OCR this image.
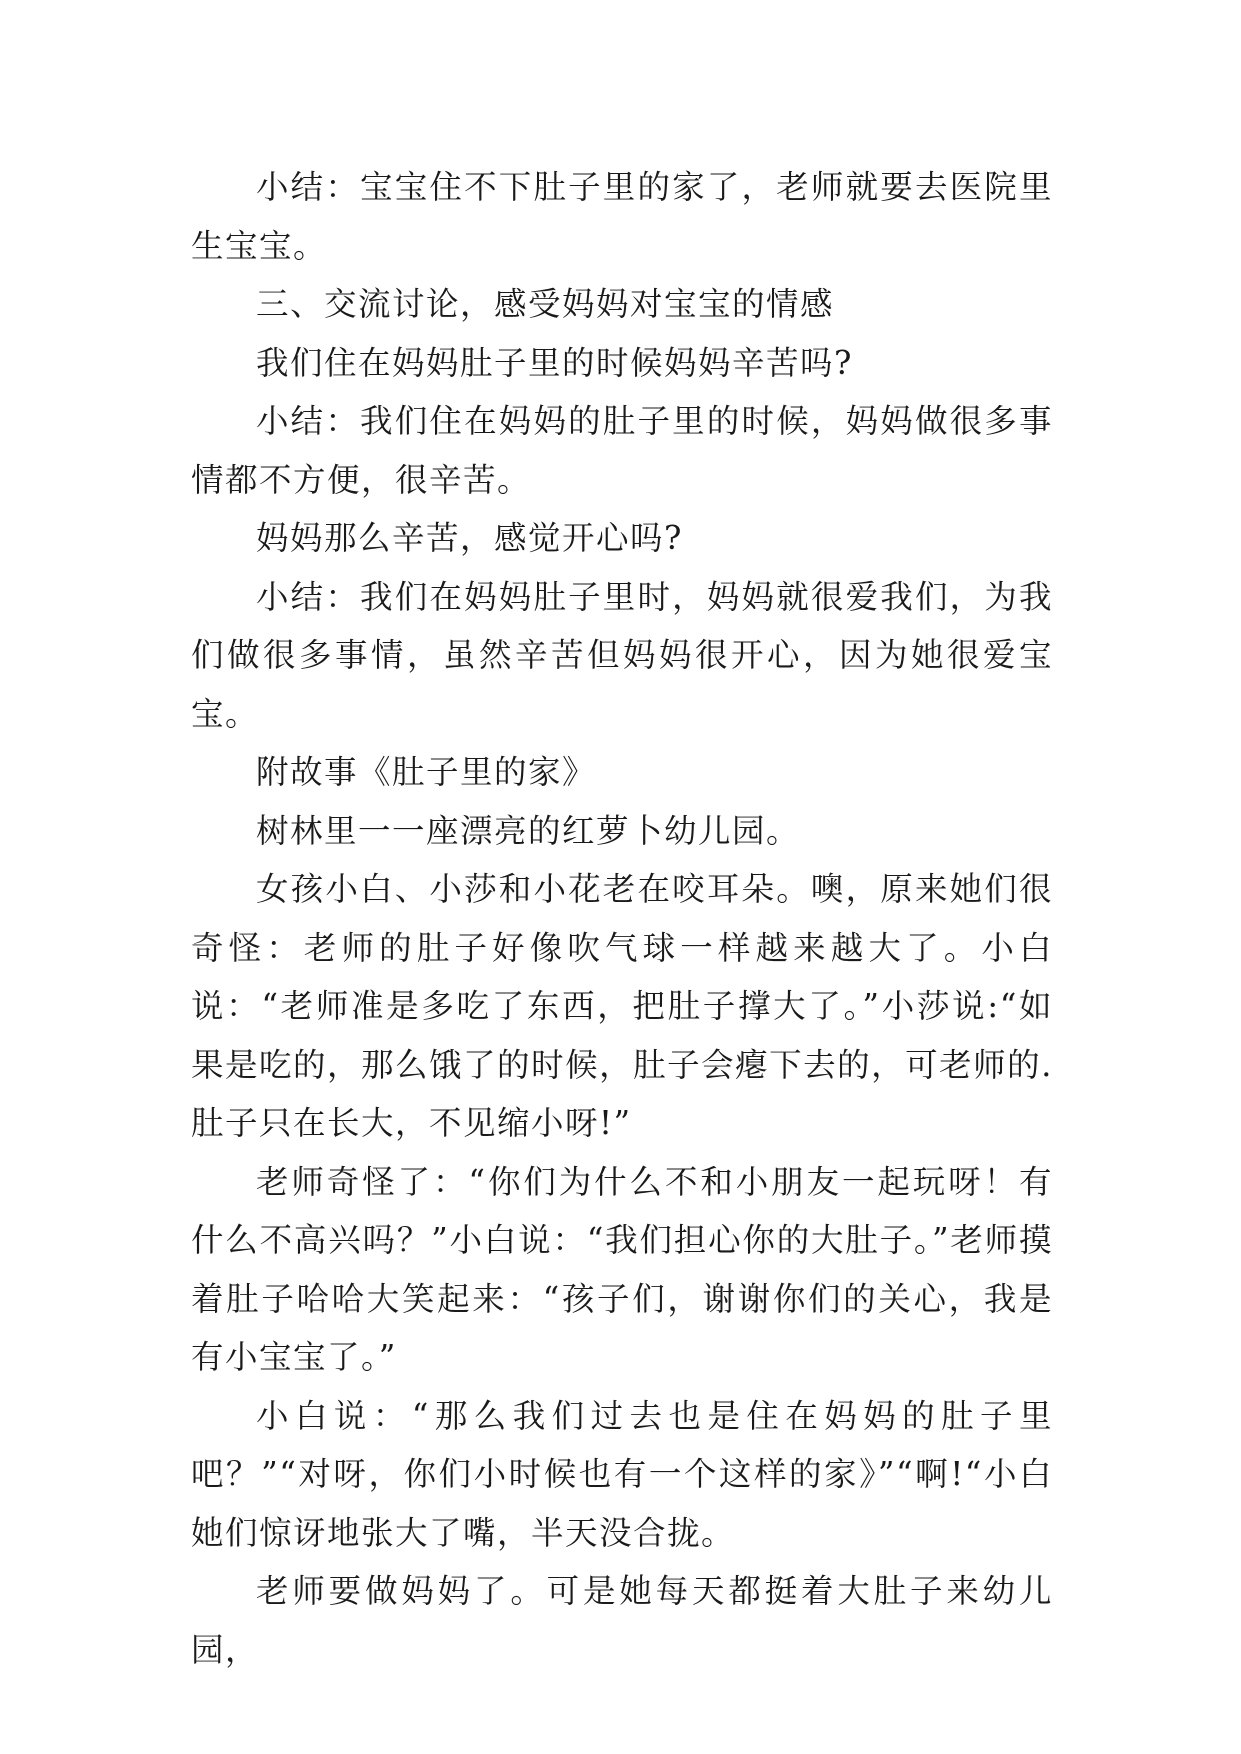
小结：宝宝住不下肚子里的家了，老师就要去医院里生宝宝。

三、交流讨论，感受妈妈对宝宝的情感

我们住在妈妈肚子里的时候妈妈辛苦吗?

小结：我们住在妈妈的肚子里的时候，妈妈做很多事情都不方便，很辛苦。

妈妈那么辛苦，感觉开心吗?

小结：我们在妈妈肚子里时，妈妈就很爱我们，为我们做很多事情，虽然辛苦但妈妈很开心，因为她很爱宝宝。

附故事《肚子里的家》

树林里一一座漂亮的红萝卜幼儿园。

女孩小白、小莎和小花老在咬耳朵。噢，原来她们很奇怪：老师的肚子好像吹气球一样越来越大了。小白说：“老师准是多吃了东西，把肚子撑大了。”小莎说:“如果是吃的，那么饿了的时候，肚子会瘪下去的，可老师的.肚子只在长大，不见缩小呀!”

老师奇怪了：“你们为什么不和小朋友一起玩呀！有什么不高兴吗？”小白说：“我们担心你的大肚子。”老师摸着肚子哈哈大笑起来：“孩子们，谢谢你们的关心，我是有小宝宝了。”

小白说：“那么我们过去也是住在妈妈的肚子里吧？”“对呀，你们小时候也有一个这样的家》”“啊!“小白她们惊讶地张大了嘴，半天没合拢。

老师要做妈妈了。可是她每天都挺着大肚子来幼儿园，
